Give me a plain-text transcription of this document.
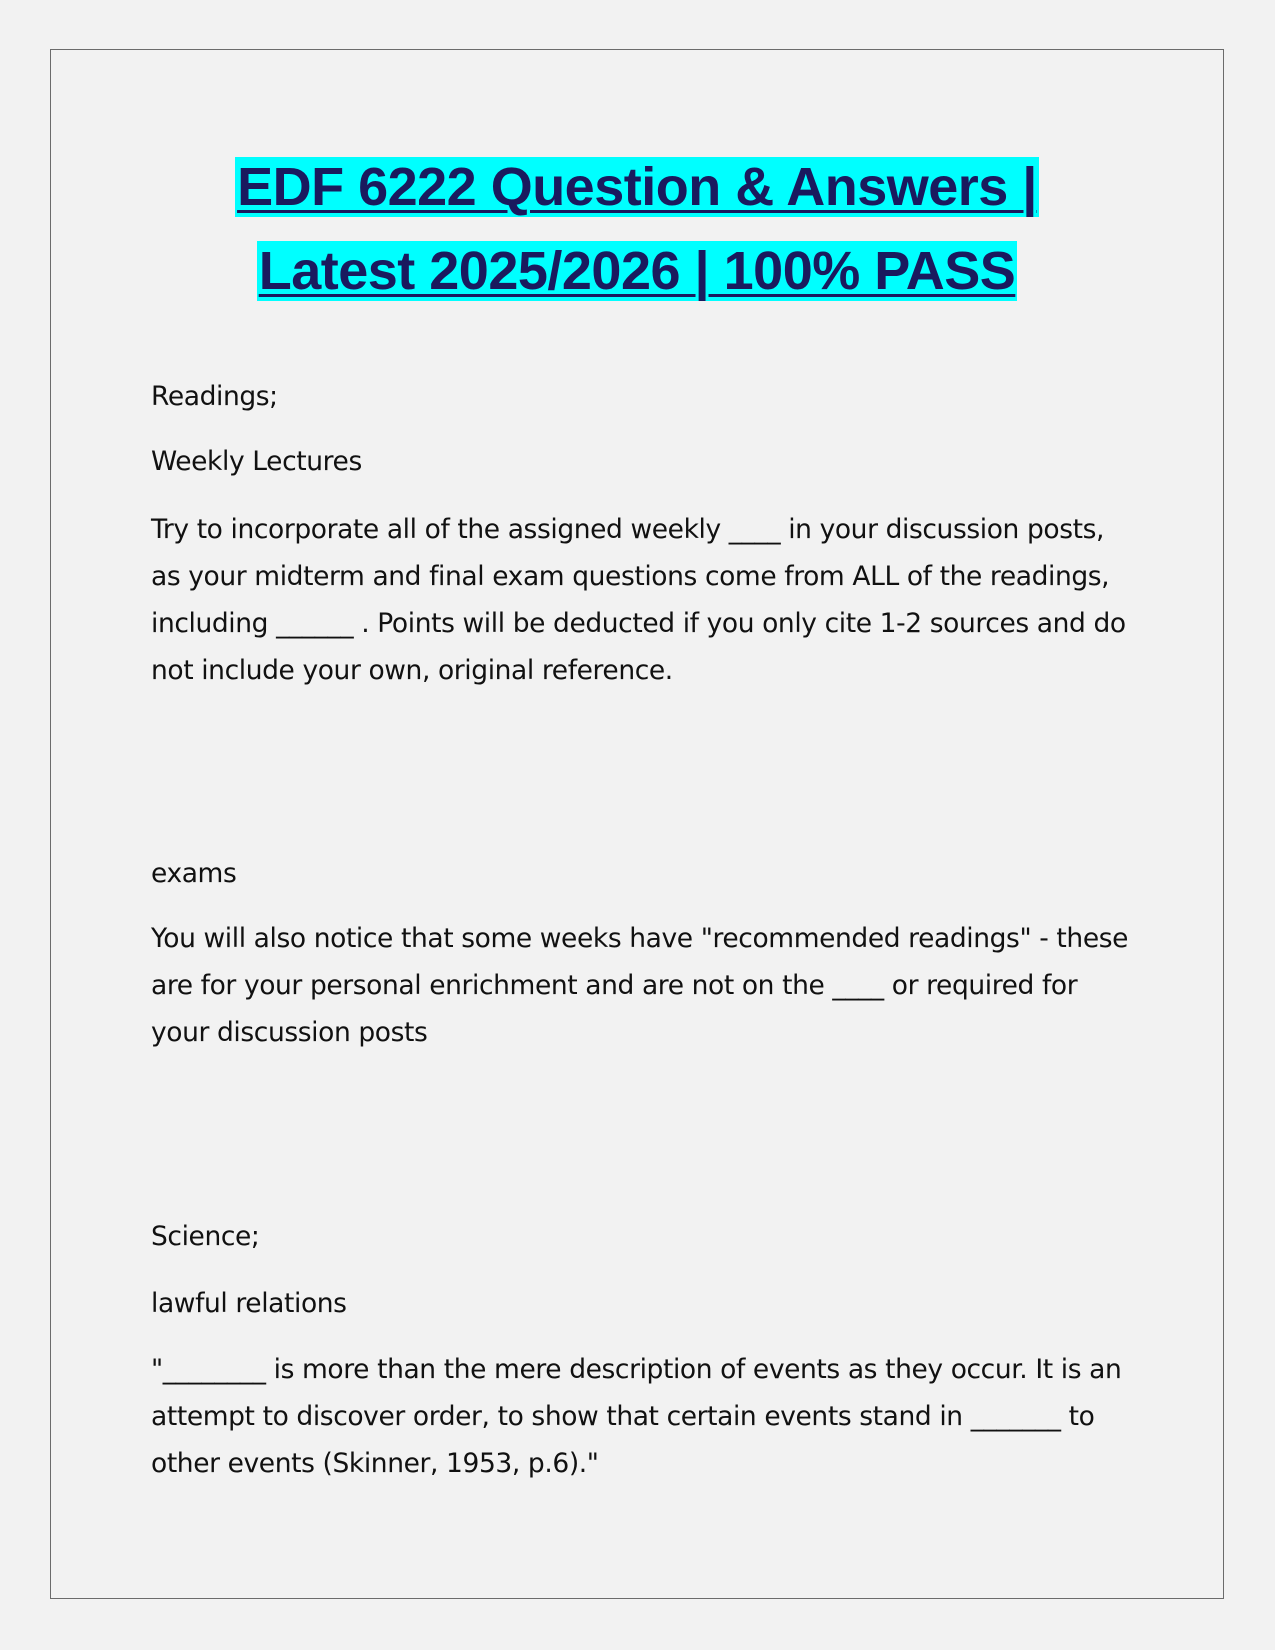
EDF 6222 Question & Answers |
Latest 2025/2026 | 100% PASS

Readings;

Weekly Lectures

Try to incorporate all of the assigned weekly ____ in your discussion posts, as your midterm and final exam questions come from ALL of the readings, including ______ . Points will be deducted if you only cite 1-2 sources and do not include your own, original reference.

exams

You will also notice that some weeks have "recommended readings" - these are for your personal enrichment and are not on the ____ or required for your discussion posts

Science;

lawful relations

"________ is more than the mere description of events as they occur. It is an attempt to discover order, to show that certain events stand in _______ to other events (Skinner, 1953, p.6)."
